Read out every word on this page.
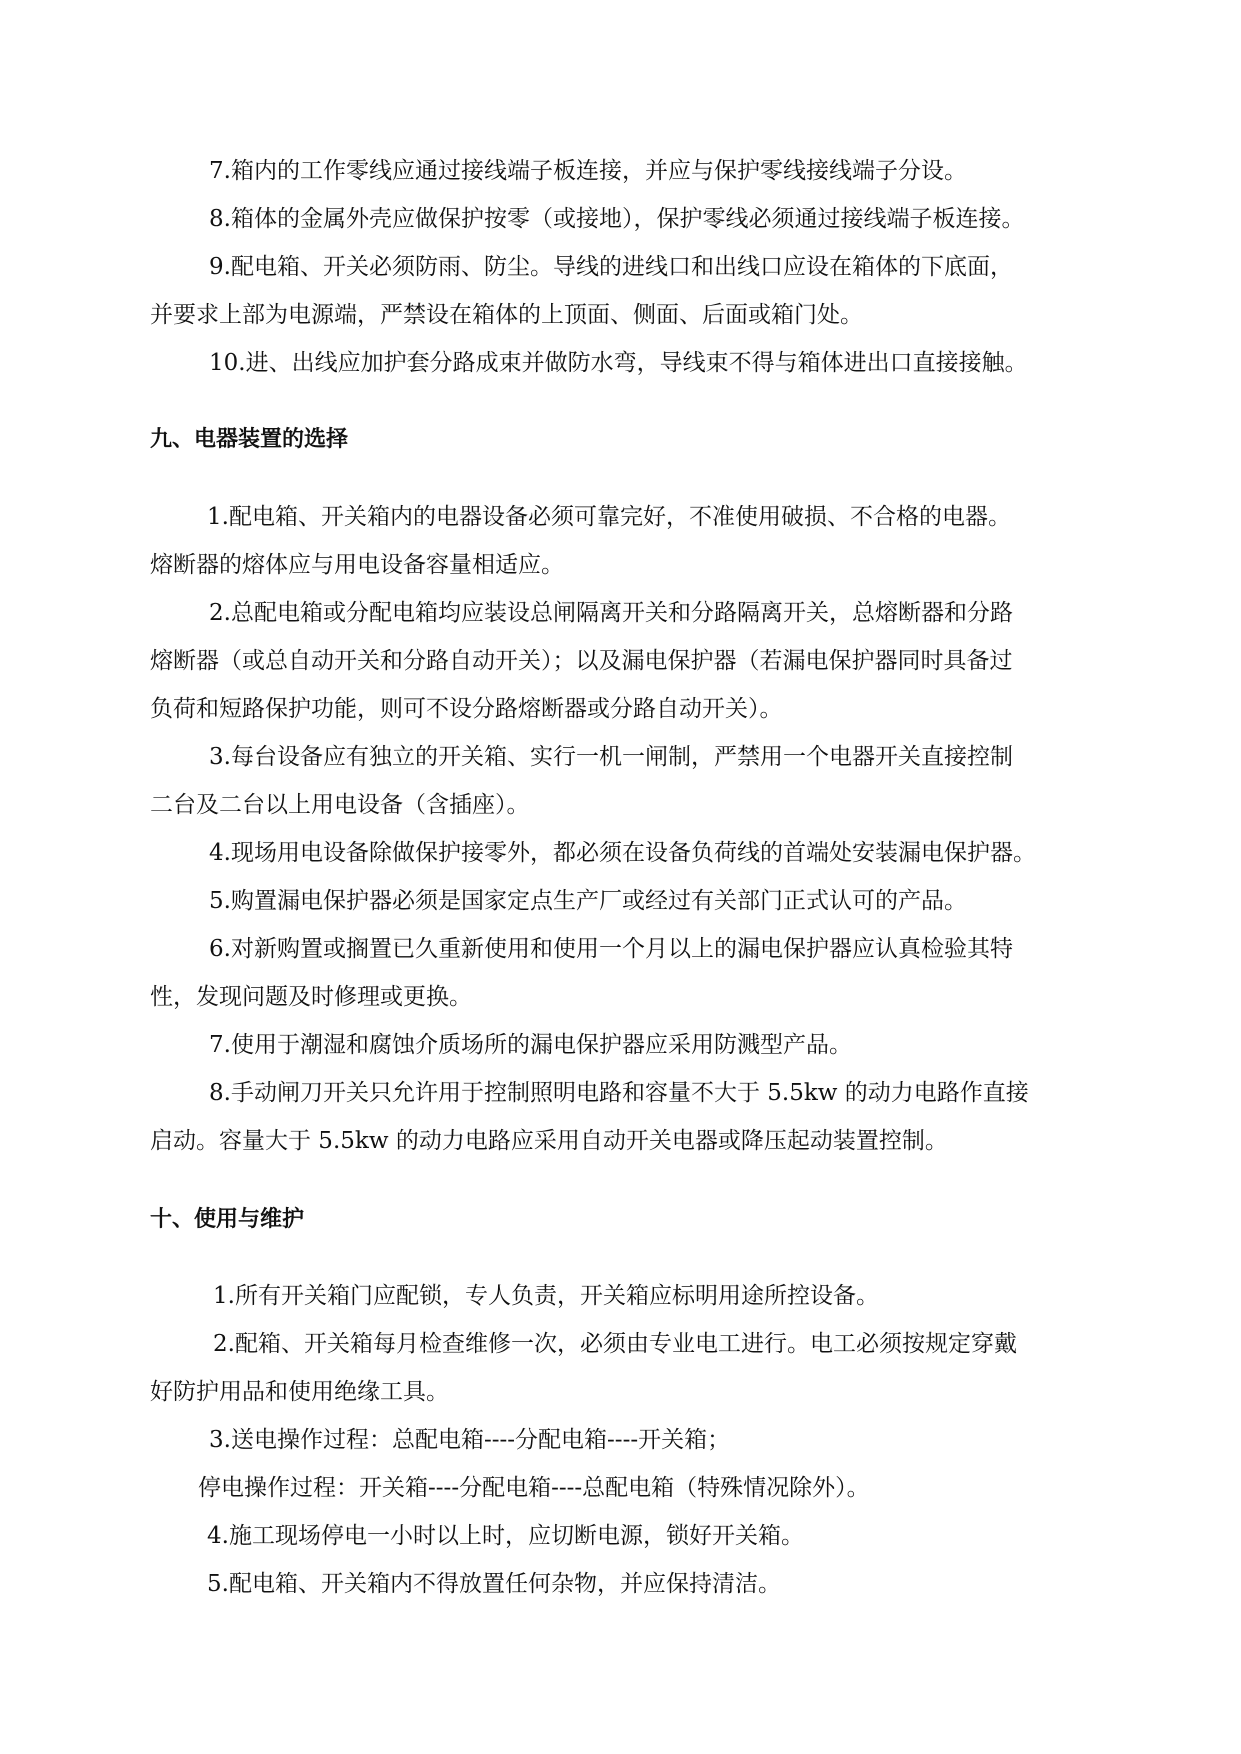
7.箱内的工作零线应通过接线端子板连接，并应与保护零线接线端子分设。

8.箱体的金属外壳应做保护按零（或接地），保护零线必须通过接线端子板连接。

9.配电箱、开关必须防雨、防尘。导线的进线口和出线口应设在箱体的下底面，

并要求上部为电源端，严禁设在箱体的上顶面、侧面、后面或箱门处。

10.进、出线应加护套分路成束并做防水弯，导线束不得与箱体进出口直接接触。

九、电器装置的选择

1.配电箱、开关箱内的电器设备必须可靠完好，不准使用破损、不合格的电器。

熔断器的熔体应与用电设备容量相适应。

2.总配电箱或分配电箱均应装设总闸隔离开关和分路隔离开关，总熔断器和分路

熔断器（或总自动开关和分路自动开关）；以及漏电保护器（若漏电保护器同时具备过

负荷和短路保护功能，则可不设分路熔断器或分路自动开关）。

3.每台设备应有独立的开关箱、实行一机一闸制，严禁用一个电器开关直接控制

二台及二台以上用电设备（含插座）。

4.现场用电设备除做保护接零外，都必须在设备负荷线的首端处安装漏电保护器。

5.购置漏电保护器必须是国家定点生产厂或经过有关部门正式认可的产品。

6.对新购置或搁置已久重新使用和使用一个月以上的漏电保护器应认真检验其特

性，发现问题及时修理或更换。

7.使用于潮湿和腐蚀介质场所的漏电保护器应采用防溅型产品。

8.手动闸刀开关只允许用于控制照明电路和容量不大于 5.5kw 的动力电路作直接

启动。容量大于 5.5kw 的动力电路应采用自动开关电器或降压起动装置控制。

十、使用与维护

1.所有开关箱门应配锁，专人负责，开关箱应标明用途所控设备。

2.配箱、开关箱每月检查维修一次，必须由专业电工进行。电工必须按规定穿戴

好防护用品和使用绝缘工具。

3.送电操作过程：总配电箱----分配电箱----开关箱；

停电操作过程：开关箱----分配电箱----总配电箱（特殊情况除外）。

4.施工现场停电一小时以上时，应切断电源，锁好开关箱。

5.配电箱、开关箱内不得放置任何杂物，并应保持清洁。
